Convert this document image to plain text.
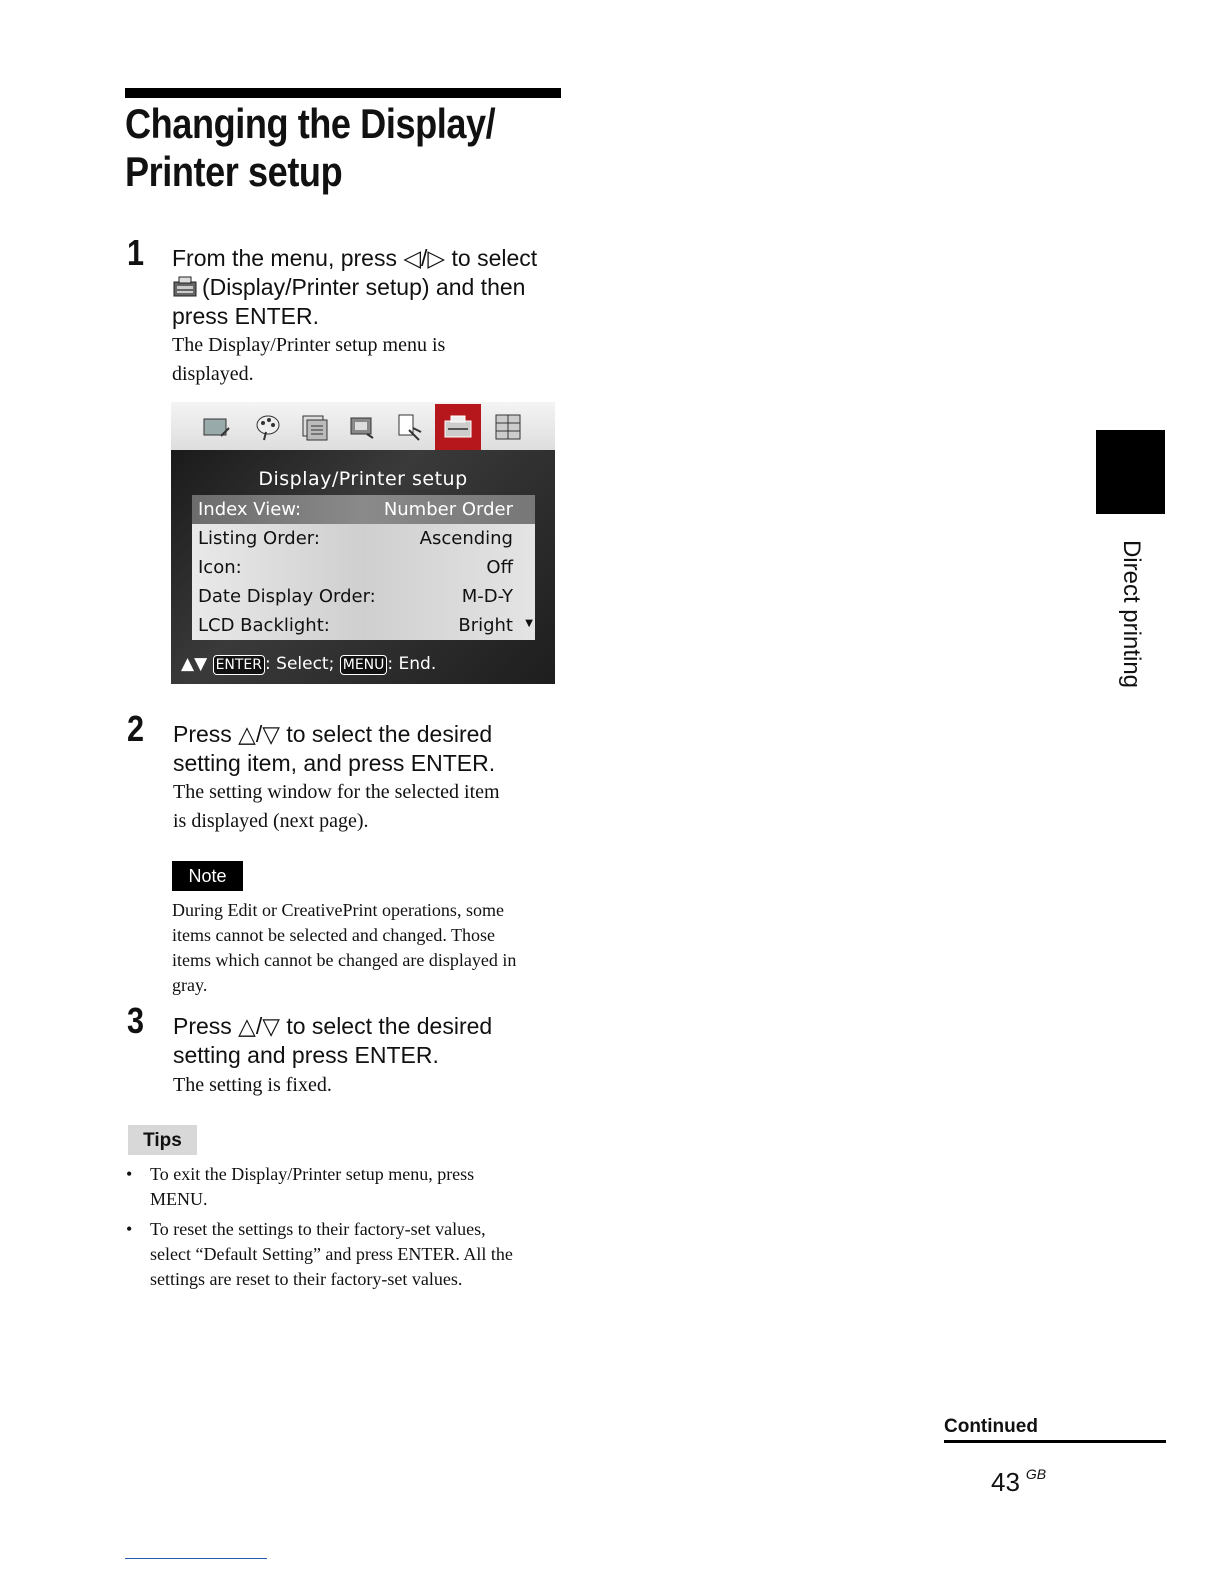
Changing the Display/
Printer setup
1 From the menu, press ◁/▷ to select
(Display/Printer setup) and then
press ENTER.
The Display/Printer setup menu is
displayed.
Display/Printer setup
Index View:	Number Order
Listing Order:	Ascending
Icon:	Off
Date Display Order:	M-D-Y
LCD Backlight:	Bright ▼
▲▼ ENTER : Select; MENU : End.
2 Press △/▽ to select the desired
setting item, and press ENTER.
The setting window for the selected item
is displayed (next page).
Note
During Edit or CreativePrint operations, some
items cannot be selected and changed. Those
items which cannot be changed are displayed in
gray.
3 Press △/▽ to select the desired
setting and press ENTER.
The setting is fixed.
Tips
• To exit the Display/Printer setup menu, press
MENU.
• To reset the settings to their factory-set values,
select “Default Setting” and press ENTER. All the
settings are reset to their factory-set values.
Direct printing
Continued
43 $^{GB}$
